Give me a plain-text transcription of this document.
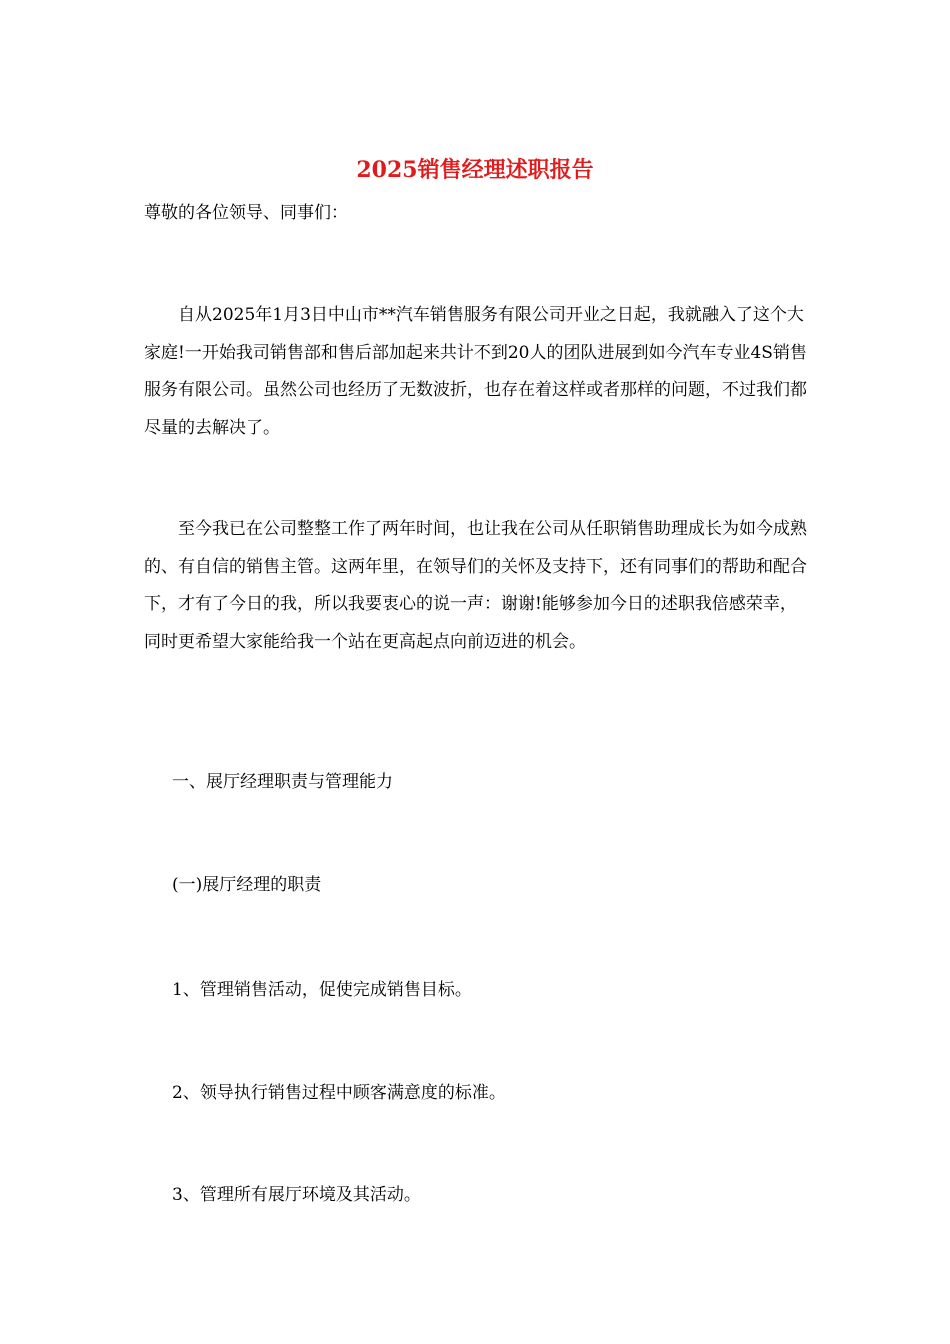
2025销售经理述职报告

尊敬的各位领导、同事们：

自从2025年1月3日中山市**汽车销售服务有限公司开业之日起，我就融入了这个大家庭!一开始我司销售部和售后部加起来共计不到20人的团队进展到如今汽车专业4S销售服务有限公司。虽然公司也经历了无数波折，也存在着这样或者那样的问题，不过我们都尽量的去解决了。

至今我已在公司整整工作了两年时间，也让我在公司从任职销售助理成长为如今成熟的、有自信的销售主管。这两年里，在领导们的关怀及支持下，还有同事们的帮助和配合下，才有了今日的我，所以我要衷心的说一声：谢谢!能够参加今日的述职我倍感荣幸，同时更希望大家能给我一个站在更高起点向前迈进的机会。

一、展厅经理职责与管理能力

(一)展厅经理的职责

1、管理销售活动，促使完成销售目标。

2、领导执行销售过程中顾客满意度的标准。

3、管理所有展厅环境及其活动。
